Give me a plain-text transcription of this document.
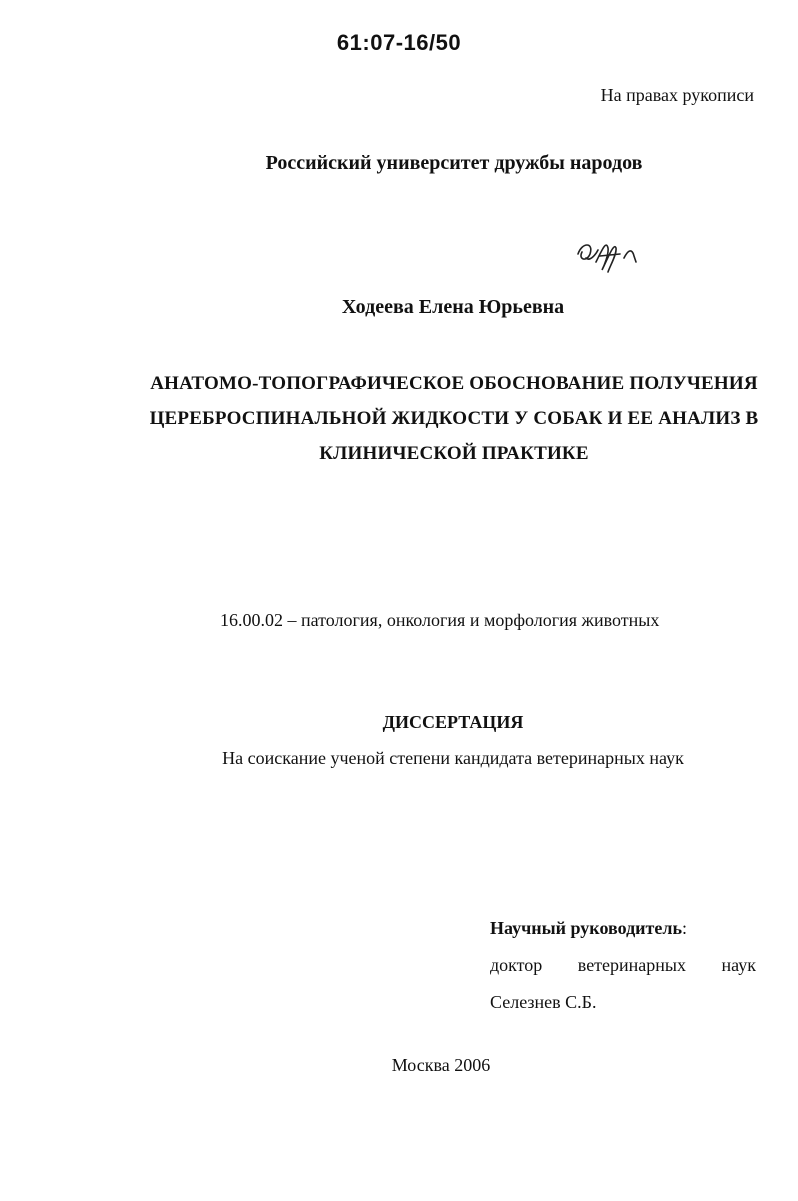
61:07-16/50
На правах рукописи
Российский университет дружбы народов
Ходеева Елена Юрьевна
АНАТОМО-ТОПОГРАФИЧЕСКОЕ ОБОСНОВАНИЕ ПОЛУЧЕНИЯ
ЦЕРЕБРОСПИНАЛЬНОЙ ЖИДКОСТИ У СОБАК И ЕЕ АНАЛИЗ В
КЛИНИЧЕСКОЙ ПРАКТИКЕ
16.00.02 – патология, онкология и морфология животных
ДИССЕРТАЦИЯ
На соискание ученой степени кандидата ветеринарных наук
Научный руководитель:
доктор ветеринарных наук
Селезнев С.Б.
Москва 2006
